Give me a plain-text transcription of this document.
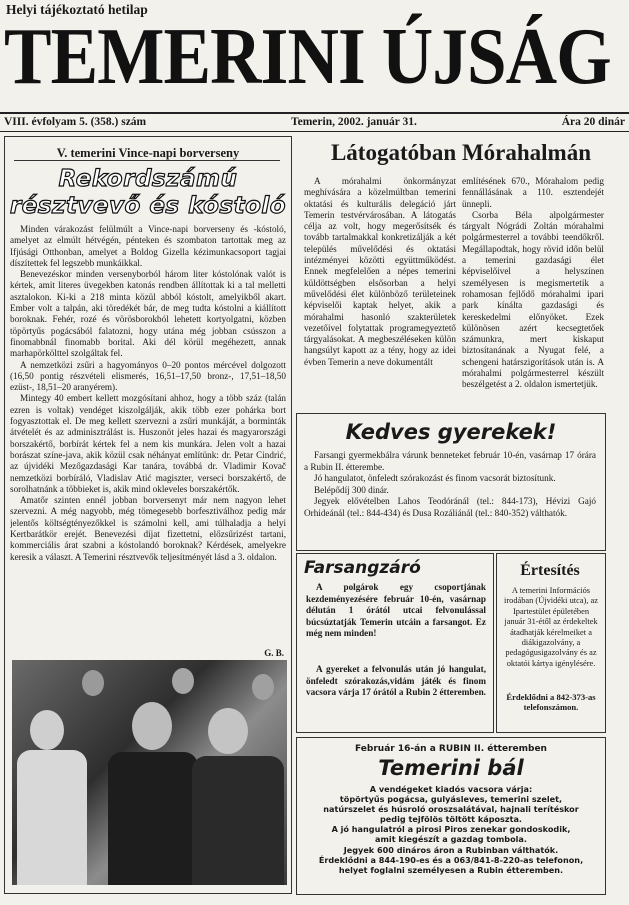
Helyi tájékoztató hetilap
TEMERINI ÚJSÁG
VIII. évfolyam 5. (358.) szám	Temerin, 2002. január 31.	Ára 20 dinár
V. temerini Vince-napi borverseny
Rekordszámú
résztvevő és kóstoló

Minden várakozást felülmúlt a Vince-napi borverseny és -kóstoló, amelyet az elmúlt hétvégén, pénteken és szombaton tartottak meg az Ifjúsági Otthonban, amelyet a Boldog Gizella kézimunkacsoport tagjai díszítettek fel legszebb munkáikkal.

Benevezéskor minden versenyborból három liter kóstolónak valót is kértek, amit literes üvegekben katonás rendben állítottak ki a tal melletti asztalokon. Ki-ki a 218 minta közül abból kóstolt, amelyikből akart. Ember volt a talpán, aki töredékét bár, de meg tudta kóstolni a kiállított boroknak. Fehér, rozé és vörösborokból lehetett kortyolgatni, közben töpörtyűs pogácsából falatozni, hogy utána még jobban csússzon a finomabbnál finomabb borital. Aki dél körül megéhezett, annak marhapörkölttel szolgáltak fel.

A nemzetközi zsűri a hagyományos 0–20 pontos mércével dolgozott (16,50 pontig részvételi elismerés, 16,51–17,50 bronz-, 17,51–18,50 ezüst-, 18,51–20 aranyérem).

Mintegy 40 embert kellett mozgósítani ahhoz, hogy a több száz (talán ezren is voltak) vendéget kiszolgálják, akik több ezer pohárka bort fogyasztottak el. De meg kellett szervezni a zsűri munkáját, a borminták átvételét és az adminisztrálást is. Huszonöt jeles hazai és magyarországi borszakértő, borbírát kértek fel a nem kis munkára. Jelen volt a hazai borászat színe-java, akik közül csak néhányat említünk: dr. Petar Cindrić, az újvidéki Mezőgazdasági Kar tanára, továbbá dr. Vladimir Kovač nemzetközi borbíráló, Vladislav Atić magiszter, verseci borszakértő, de sorolhatnánk a többieket is, akik mind okleveles borszakértők.

Amatőr szinten ennél jobban borversenyt már nem nagyon lehet szervezni. A még nagyobb, még tömegesebb borfesztiválhoz pedig már jelentős költségtényezőkkel is számolni kell, ami túlhaladja a helyi Kertbarátkör erejét. Benevezési díjat fizettetni, előzsűrizést tartani, kommerciális árat szabni a kóstolandó boroknak? Kérdések, amelyekre keresik a választ. A Temerini résztvevők teljesítményét lásd a 3. oldalon.

G. B.
Látogatóban Mórahalmán

A mórahalmi önkormányzat meghívására a közelmúltban temerini oktatási és kulturális delegáció járt Temerin testvérvárosában. A látogatás célja az volt, hogy megerősítsék és tovább tartalmakkal konkretizálják a két település művelődési és oktatási intézményei közötti együttműködést. Ennek megfelelően a népes temerini küldöttségben elsősorban a helyi művelődési élet különböző területeinek képviselői kaptak helyet, akik a mórahalmi hasonló szakterületek vezetőivel folytattak programegyeztető tárgyalásokat. A megbeszéléseken külön hangsúlyt kapott az a tény, hogy az idei évben Temerin a neve dokumentált

említésének 670., Mórahalom pedig fennállásának a 110. esztendejét ünnepli.

Csorba Béla alpolgármester tárgyalt Nógrádi Zoltán mórahalmi polgármesterrel a további teendőkről. Megállapodtak, hogy rövid időn belül a temerini gazdasági élet képviselőivel a helyszínen személyesen is megismertetik a rohamosan fejlődő mórahalmi ipari park kínálta gazdasági és kereskedelmi előnyöket. Ezek különösen azért kecsegtetőek számunkra, mert kiskaput biztosítanának a Nyugat felé, a schengeni határszigorítások után is. A mórahalmi polgármesterrel készült beszélgetést a 2. oldalon ismertetjük.

Kedves gyerekek!
Farsangi gyermekbálra várunk benneteket február 10-én, vasárnap 17 órára a Rubin II. étterembe.
Jó hangulatot, önfeledt szórakozást és finom vacsorát biztosítunk.
Belépődíj 300 dinár.
Jegyek elővételben Lahos Teodóránál (tel.: 844-173), Hévizi Gajó Orhideánál (tel.: 844-434) és Dusa Rozáliánál (tel.: 840-352) válthatók.
Farsangzáró
A polgárok egy csoportjának kezdeményezésére február 10-én, vasárnap délután 1 órától utcai felvonulással búcsúztatják Temerin utcáin a farsangot. Ez még nem minden!
A gyereket a felvonulás után jó hangulat, önfeledt szórakozás,vidám játék és finom vacsora várja 17 órától a Rubin 2 étteremben.
Értesítés
A temerini Információs irodában (Újvidéki utca), az Ipartestület épületében január 31-étől az érdekeltek átadhatják kérelmeiket a diákigazolvány, a pedagógusigazolvány és az oktatói kártya igénylésére.
Érdeklődni a 842-373-as telefonszámon.
Február 16-án a RUBIN II. étteremben
Temerini bál
A vendégeket kiadós vacsora várja:
töpörtyűs pogácsa, gulyásleves, temerini szelet,
natúrszelet és húsroló oroszsalátával, hajnali terítéskor
pedig tejfölös töltött káposzta.
A jó hangulatról a pirosi Piros zenekar gondoskodik,
amit kiegészít a gazdag tombola.
Jegyek 600 dináros áron a Rubinban válthatók.
Érdeklődni a 844-190-es és a 063/841-8-220-as telefonon,
helyet foglalni személyesen a Rubin étteremben.
